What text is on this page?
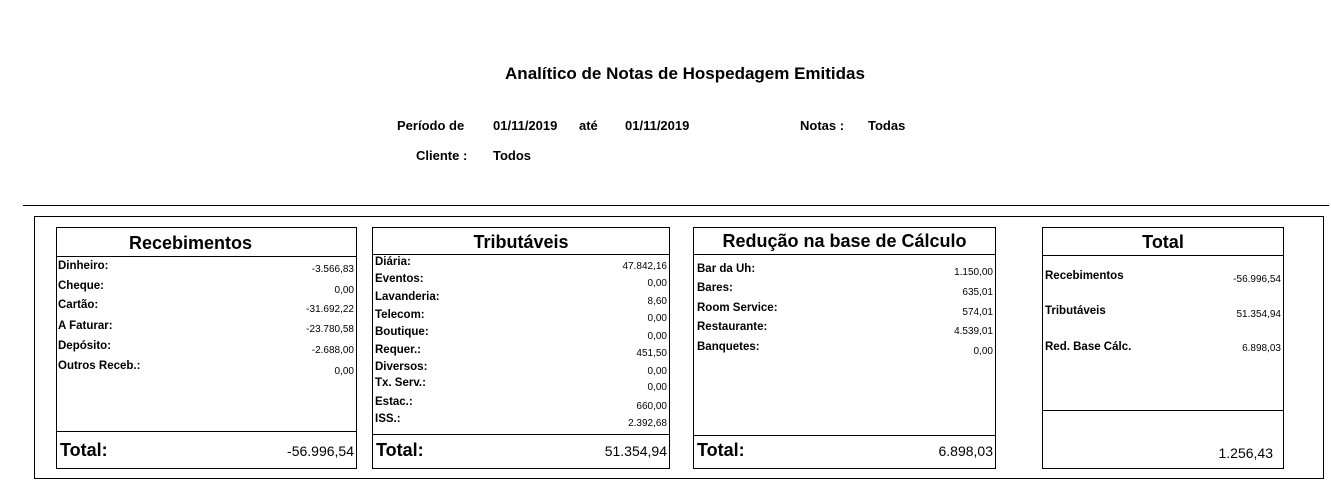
Analítico de Notas de Hospedagem Emitidas
Período de 01/11/2019 até 01/11/2019	Notas : Todas
Cliente : Todos
Recebimentos
Dinheiro:	-3.566,83
Cheque:	0,00
Cartão:	-31.692,22
A Faturar:	-23.780,58
Depósito:	-2.688,00
Outros Receb.:	0,00
Total:	-56.996,54
Tributáveis
Diária:	47.842,16
Eventos:	0,00
Lavanderia:	8,60
Telecom:	0,00
Boutique:	0,00
Requer.:	451,50
Diversos:	0,00
Tx. Serv.:	0,00
Estac.:	660,00
ISS.:	2.392,68
Total:	51.354,94
Redução na base de Cálculo
Bar da Uh:	1.150,00
Bares:	635,01
Room Service:	574,01
Restaurante:	4.539,01
Banquetes:	0,00
Total:	6.898,03
Total
Recebimentos	-56.996,54
Tributáveis	51.354,94
Red. Base Cálc.	6.898,03
1.256,43
